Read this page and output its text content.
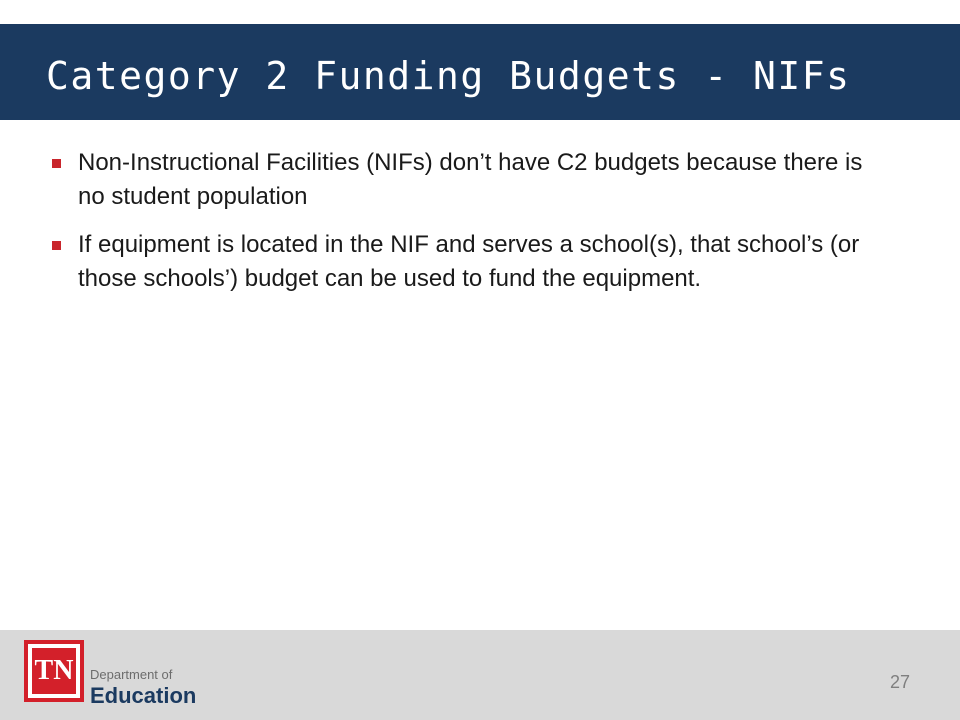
Category 2 Funding Budgets - NIFs
Non-Instructional Facilities (NIFs) don’t have C2 budgets because there is no student population
If equipment is located in the NIF and serves a school(s), that school’s (or those schools’) budget can be used to fund the equipment.
TN Department of
Education
27
